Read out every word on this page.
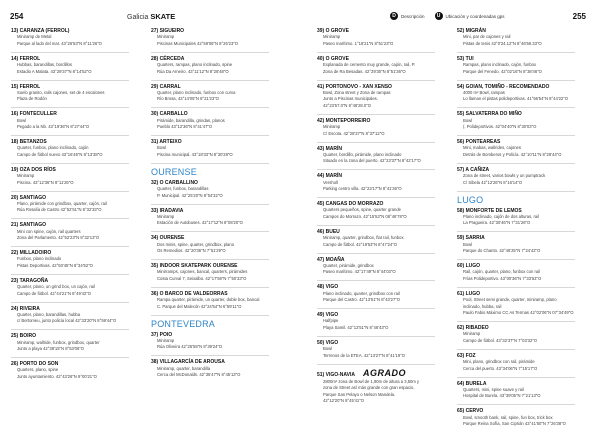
254	Galicia SKATE	D	Descripción	U	Ubicación y coordenadas gps	255
13) CARANZA (FERROL)
Miniramp de Metal
Parque al lado del mar. 43°26'53"N 8°11'26"O
14) FERROL
Hubbas, barandillas, bordillos
Estadio A Malata. 43°29'37"N 8°14'52"O
15) FERROL
Suelo granito, rails cajones, set de 4 escalones
Plaza de Rodón
16) FONTECULLER
Bowl
Pegado a la Nb. 43°19'36"N 8°27'44"O
18) BETANZOS
Quarter, funbox, plano inclinado, cajón
Campo de fútbol nuevo 43°16'46"N 8°13'38"O
19) OZA DOS RÍOS
Miniramp
Piscina. 43°12'36"N 8°11'26"O
20) SANTIAGO
Plano, pirámide con grindbox, quarter, cajón, rail
Rúa Rosalía de Castro 42°52'51"N 8°32'33"O
21) SANTIAGO
Mini con spine, cajón, rail quarters
Zona del Parlamento. 42°52'23"N 8°32'13"O
22) MILLADOIRO
Funbox, plano inclinado
Pistas Deportivas. 42°50'45"N 8°34'52"O
23) TARAGOÑA
Quarter, plano, un grind box, un cajón, rail
Campo de fútbol. 42°44'21"N 8°49'42"O
24) RIVEIRA
Quarter, plano, barandillas, hubba
c/ Bertomeu, junto policía local 42°33'20"N 8°59'44"O
25) BOIRO
Miniramp, wallride, funbox, grindbox, quarter
Junto a playa 42°38'15"N 8°53'06"O
26) PORTO DO SON
Quarters, plano, spine
Junto ayuntamiento. 42°43'26"N 9°00'21"O
27) SIGUEIRO
Miniramp
Piscinas Municipales 42°59'06"N 8°26'23"O
28) CÉRCEDA
Quarters, rampas, plano inclinado, spine
Rúa Da Arneiro. 43°11'12"N 8°28'48"O
29) CARRAL
Quarter, plano inclinado, funbox con curva
Río Brosa, 43°14'05"N 8°21'23"O
30) CARBALLO
Pirámide, barandilla, grindas, planos
Pueblo 43°12'36"N 8°41'47"O
31) ARTEIXO
Bowl
Piscina municipal. 43°18'33"N 8°30'28"O
OURENSE
32) O CARBALLINO
Quarter, funbox, barandillas
P. Municipal. 42°25'20"N 8°04'32"O
33) IRADAVIA
Miniramp
Estación de Autobuses. 42°17'12"N 8°08'20"O
34) OURENSE
Dos minis, spine, quarter, grindbox, plano
Os Remedios. 42°20'36"N 7°51'29"O
35) INDOOR SKATEPARK OURENSE
Minirramps, cajones, bancal, quarters, pirámides
Costa Curval 7, Seixalbo. 42°17'59"N 7°50'33"O
36) O BARCO DE VALDEORRAS
Rampa quarter, pirámide, un quarter, doble box, bancal
C. Parque del Malecón 42°24'54"N 6°59'11"O
PONTEVEDRA
37) POIO
Miniramp
Rúa Oliveira 42°25'55"N 8°39'24"O
38) VILLAGARCÍA DE AROUSA
Miniramp, quarter, barandilla
Cerca del McDonalds. 42°35'47"N 8°45'13"O
39) O GROVE
Miniramp
Paseo marítimo. 1°18'21"N 8°51'23"O
40) O GROVE
Explanada de cemento muy grande, cajón, rail, P.
Zona de Ra Besadas. 42°29'30"N 8°51'36"O
41) PORTONOVO - XAN XENSO
Bowl, Zona street y Zona de rampas
Junto a Piscinas municipales.
42°23'57.0"N 8°48'28.0"O
42) MONTEPORREIRO
Miniramp
C/ Escota. 42°28'37"N 8°37'12"O
43) MARÍN
Quarter, bordillo, pirámide, plano inclinado
Situado en la zona del puerto. 42°23'37"N 8°42'17"O
44) MARÍN
Versholl
Parking centro villa. 42°23'17"N 8°41'36"O
45) CANGAS DO MORRAZO
Quarters pequeños, spine, quarter grande
Campos do Morrazo. 42°15'53"N 08°46'78"O
46) BUEU
Miniramp, quarter, grindbox, flat rail, funbox
Campo de fútbol. 42°19'53"N 8°47'24"O
47) MOAÑA
Quarter, pirámide, grindbox
Paseo marítimo. 42°17'49"N 8°44'03"O
48) VIGO
Plano inclinado, quarter, grindbox con rail
Parque del Castro. 42°13'51"N 8°43'27"O
49) VIGO
Halfpipe
Playa Samil. 42°12'51"N 8°46'43"O
50) VIGO
Bowl
Terrenos de la ETEA. 42°13'27"N 8°41'19"O
51) VIGO-NAVIA AGRADO
2800m² zona de Bowl de 1,90m de altura a 3,50m y
zona de Street así más grande con gran espacio.
Parque San Pelayo o Nelson Mandela.
42°12'20"N 8°45'41"O
52) MIGRÁN
Mini, par de cajones y rail
Pistas de tenis 42°0'24.12"N 8°46'59.33"O
53) TUI
Rampas, plano inclinado, cajón, funbox
Parque del Fenedo. 42°02'16"N 8°38'46"O
54) GOIAN, TOMIÑO - RECOMENDADO
4000 m² Bowl, rampas
Lo llaman el pistas polideportivas. 41°56'54"N 8°44'22"O
55) SALVATERRA DO MIÑO
Bowl
(. Polideportivos. 42°04'40"N 8°30'03"O
56) PONTEAREAS
Mini, mabas, wallrides, cajones
Detrás de Bomberos y Policía. 42°10'11"N 8°29'44"O
57) A CAÑIZA
Zona de street, varios bowls y un pumptrack
C/ Sibela 42°12'26"N 8°16'14"O
LUGO
58) MONFORTE DE LEMOS
Plano inclinado, cajón de dos alturas, rail
La Pragueira. 42°30'46"N 7°31'26"O
59) SARRIA
Bowl
Parque do Chanto. 42°46'25"N 7°24'42"O
60) LUGO
Rail, cajón, quarter, plano, funbox con rail
Frías Polideportivo. 43°00'36"N 7°33'53"O
61) LUGO
Pool, Street semi grande, quarter, miniramp, plano
inclinado, hubba, rail
Paulo Fabio Máximo CC As Termas 42°02'06"N 07°34'49"O
62) RIBADEO
Miniramp
Campo de fútbol. 43°32'37"N 7°03'32"O
63) FOZ
Mini, plano, grindbox con rail, pirámide
Cerca del puerto. 43°34'06"N 7°15'17"O
64) BURELA
Quarters, mini, spine suave y rail
Hospital de Burela. 43°39'05"N 7°21'13"O
65) CERVO
Bowl, smooth bank, rail, spine, fun box, trick box
Parque Reina Sofía, San Ciprián 43°41'50"N 7°26'38"O
